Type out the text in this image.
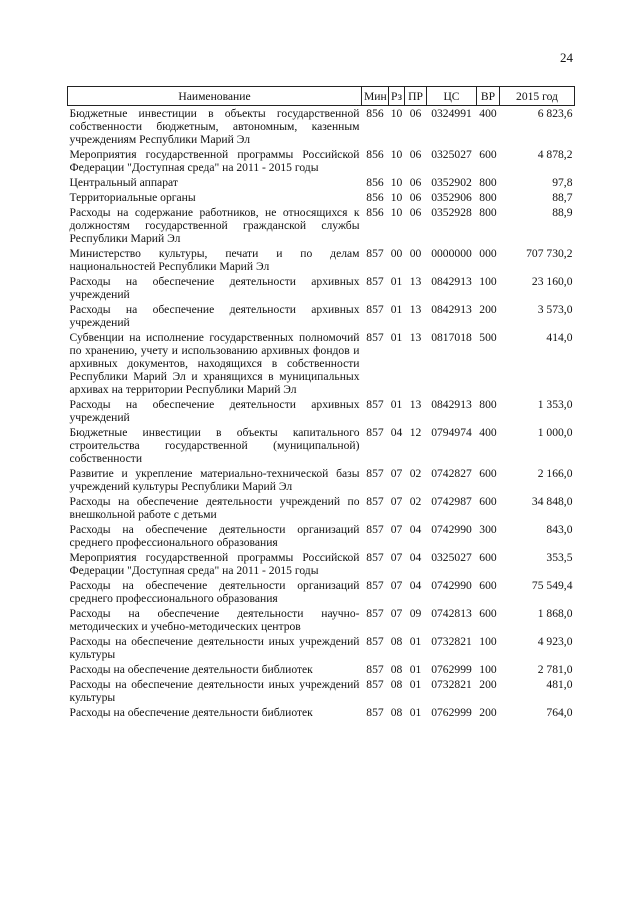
24
Наименование	Мин	Рз	ПР	ЦС	ВР	2015 год
Бюджетные инвестиции в объекты государственной собственности бюджетным, автономным, казенным учреждениям Республики Марий Эл	856	10	06	0324991	400	6 823,6
Мероприятия государственной программы Российской Федерации "Доступная среда" на 2011 - 2015 годы	856	10	06	0325027	600	4 878,2
Центральный аппарат	856	10	06	0352902	800	97,8
Территориальные органы	856	10	06	0352906	800	88,7
Расходы на содержание работников, не относящихся к должностям государственной гражданской службы Республики Марий Эл	856	10	06	0352928	800	88,9
Министерство культуры, печати и по делам национальностей Республики Марий Эл	857	00	00	0000000	000	707 730,2
Расходы на обеспечение деятельности архивных учреждений	857	01	13	0842913	100	23 160,0
Расходы на обеспечение деятельности архивных учреждений	857	01	13	0842913	200	3 573,0
Субвенции на исполнение государственных полномочий по хранению, учету и использованию архивных фондов и архивных документов, находящихся в собственности Республики Марий Эл и хранящихся в муниципальных архивах на территории Республики Марий Эл	857	01	13	0817018	500	414,0
Расходы на обеспечение деятельности архивных учреждений	857	01	13	0842913	800	1 353,0
Бюджетные инвестиции в объекты капитального строительства государственной (муниципальной) собственности	857	04	12	0794974	400	1 000,0
Развитие и укрепление материально-технической базы учреждений культуры Республики Марий Эл	857	07	02	0742827	600	2 166,0
Расходы на обеспечение деятельности учреждений по внешкольной работе с детьми	857	07	02	0742987	600	34 848,0
Расходы на обеспечение деятельности организаций среднего профессионального образования	857	07	04	0742990	300	843,0
Мероприятия государственной программы Российской Федерации "Доступная среда" на 2011 - 2015 годы	857	07	04	0325027	600	353,5
Расходы на обеспечение деятельности организаций среднего профессионального образования	857	07	04	0742990	600	75 549,4
Расходы на обеспечение деятельности научно-методических и учебно-методических центров	857	07	09	0742813	600	1 868,0
Расходы на обеспечение деятельности иных учреждений культуры	857	08	01	0732821	100	4 923,0
Расходы на обеспечение деятельности библиотек	857	08	01	0762999	100	2 781,0
Расходы на обеспечение деятельности иных учреждений культуры	857	08	01	0732821	200	481,0
Расходы на обеспечение деятельности библиотек	857	08	01	0762999	200	764,0
